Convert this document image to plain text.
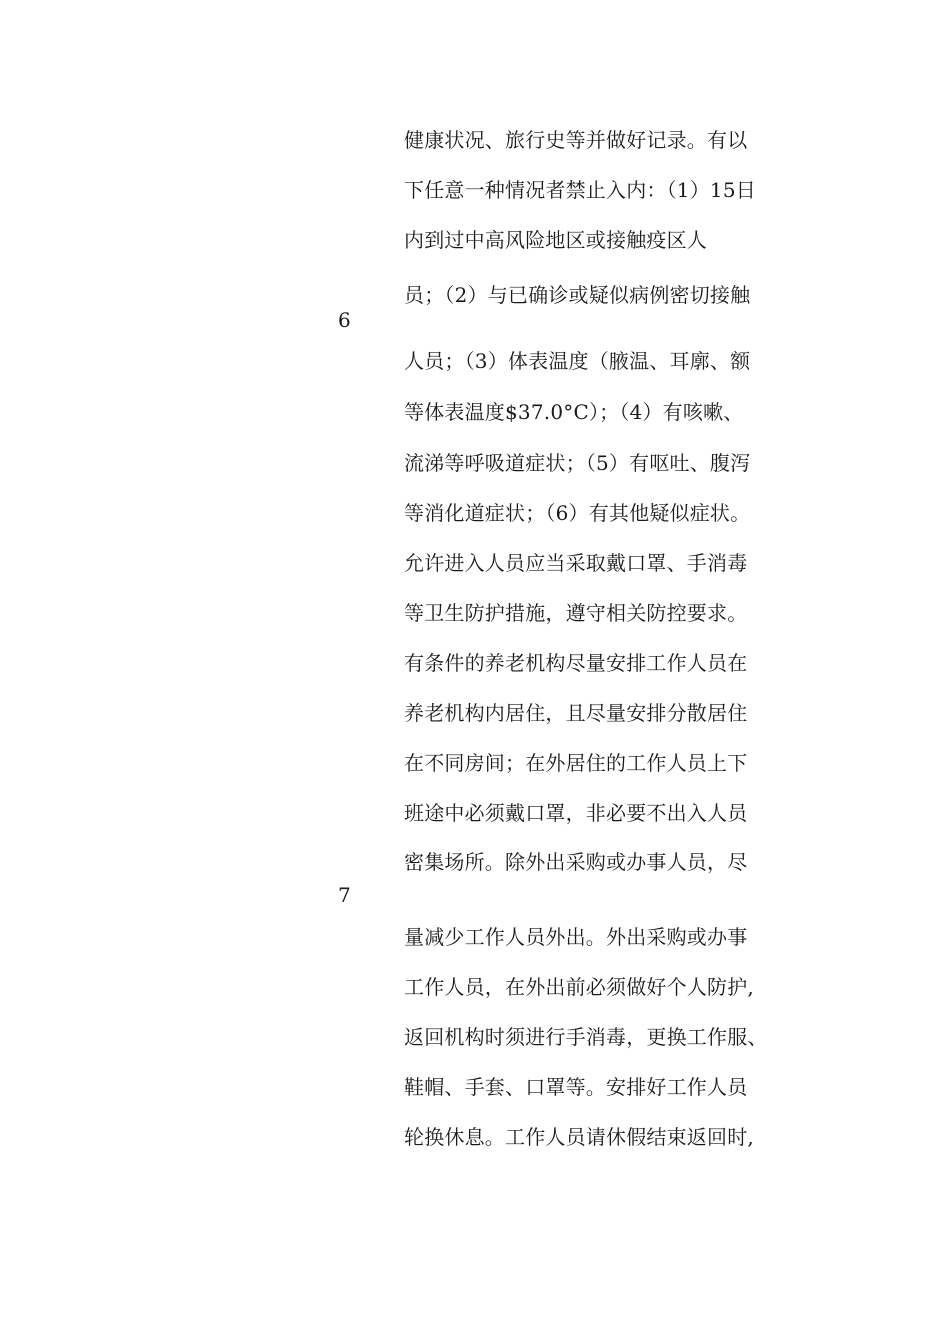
6
健康状况、旅行史等并做好记录。有以
下任意一种情况者禁止入内：（1）15日
内到过中高风险地区或接触疫区人
员；（2）与已确诊或疑似病例密切接触
人员；（3）体表温度（腋温、耳廓、额
等体表温度$37.0°C）；（4）有咳嗽、
流涕等呼吸道症状；（5）有呕吐、腹泻
等消化道症状；（6）有其他疑似症状。
允许进入人员应当采取戴口罩、手消毒
等卫生防护措施，遵守相关防控要求。
7
有条件的养老机构尽量安排工作人员在
养老机构内居住，且尽量安排分散居住
在不同房间；在外居住的工作人员上下
班途中必须戴口罩，非必要不出入人员
密集场所。除外出采购或办事人员，尽
量减少工作人员外出。外出采购或办事
工作人员，在外出前必须做好个人防护,
返回机构时须进行手消毒，更换工作服、
鞋帽、手套、口罩等。安排好工作人员
轮换休息。工作人员请休假结束返回时,
